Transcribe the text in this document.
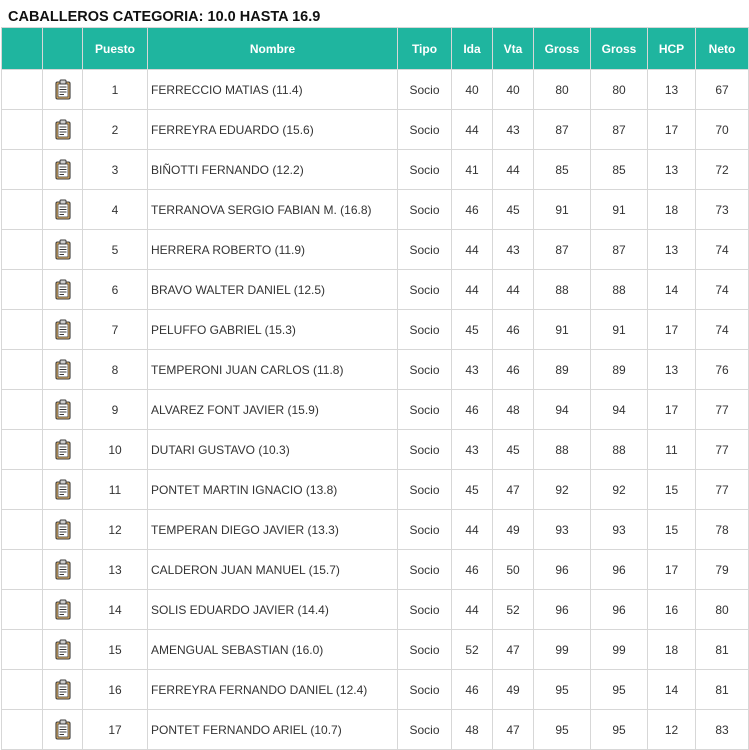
CABALLEROS CATEGORIA: 10.0 HASTA 16.9
		Puesto	Nombre	Tipo	Ida	Vta	Gross	Gross	HCP	Neto

	1	FERRECCIO MATIAS (11.4)	Socio	40	40	80	80	13	67

	2	FERREYRA EDUARDO (15.6)	Socio	44	43	87	87	17	70

	3	BIÑOTTI FERNANDO (12.2)	Socio	41	44	85	85	13	72

	4	TERRANOVA SERGIO FABIAN M. (16.8)	Socio	46	45	91	91	18	73

	5	HERRERA ROBERTO (11.9)	Socio	44	43	87	87	13	74

	6	BRAVO WALTER DANIEL (12.5)	Socio	44	44	88	88	14	74

	7	PELUFFO GABRIEL (15.3)	Socio	45	46	91	91	17	74

	8	TEMPERONI JUAN CARLOS (11.8)	Socio	43	46	89	89	13	76

	9	ALVAREZ FONT JAVIER (15.9)	Socio	46	48	94	94	17	77

	10	DUTARI GUSTAVO (10.3)	Socio	43	45	88	88	11	77

	11	PONTET MARTIN IGNACIO (13.8)	Socio	45	47	92	92	15	77

	12	TEMPERAN DIEGO JAVIER (13.3)	Socio	44	49	93	93	15	78

	13	CALDERON JUAN MANUEL (15.7)	Socio	46	50	96	96	17	79

	14	SOLIS EDUARDO JAVIER (14.4)	Socio	44	52	96	96	16	80

	15	AMENGUAL SEBASTIAN (16.0)	Socio	52	47	99	99	18	81

	16	FERREYRA FERNANDO DANIEL (12.4)	Socio	46	49	95	95	14	81

	17	PONTET FERNANDO ARIEL (10.7)	Socio	48	47	95	95	12	83
